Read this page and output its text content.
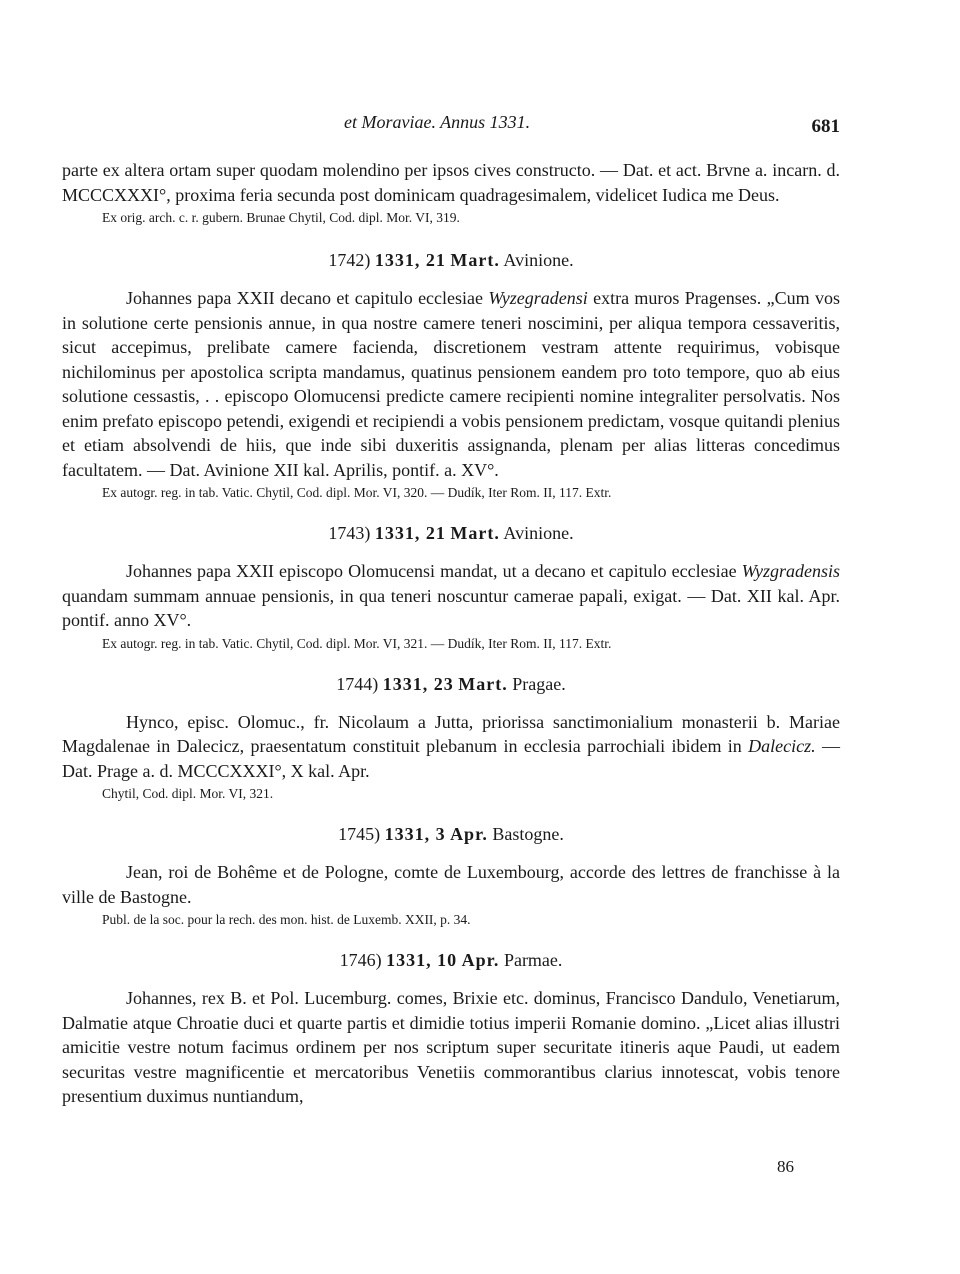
et Moraviae. Annus 1331.	681

parte ex altera ortam super quodam molendino per ipsos cives constructo. — Dat. et act. Brvne a. incarn. d. MCCCXXXI°, proxima feria secunda post dominicam quadragesimalem, videlicet Iudica me Deus.

Ex orig. arch. c. r. gubern. Brunae Chytil, Cod. dipl. Mor. VI, 319.

1742) 1331, 21 Mart. Avinione.

Johannes papa XXII decano et capitulo ecclesiae Wyzegradensi extra muros Pragenses. „Cum vos in solutione certe pensionis annue, in qua nostre camere teneri noscimini, per aliqua tempora cessaveritis, sicut accepimus, prelibate camere facienda, discretionem vestram attente requirimus, vobisque nichilominus per apostolica scripta mandamus, quatinus pensionem eandem pro toto tempore, quo ab eius solutione cessastis, . . episcopo Olomucensi predicte camere recipienti nomine integraliter persolvatis. Nos enim prefato episcopo petendi, exigendi et recipiendi a vobis pensionem predictam, vosque quitandi plenius et etiam absolvendi de hiis, que inde sibi duxeritis assignanda, plenam per alias litteras concedimus facultatem. — Dat. Avinione XII kal. Aprilis, pontif. a. XV°.

Ex autogr. reg. in tab. Vatic. Chytil, Cod. dipl. Mor. VI, 320. — Dudík, Iter Rom. II, 117. Extr.

1743) 1331, 21 Mart. Avinione.

Johannes papa XXII episcopo Olomucensi mandat, ut a decano et capitulo ecclesiae Wyzgradensis quandam summam annuae pensionis, in qua teneri noscuntur camerae papali, exigat. — Dat. XII kal. Apr. pontif. anno XV°.

Ex autogr. reg. in tab. Vatic. Chytil, Cod. dipl. Mor. VI, 321. — Dudík, Iter Rom. II, 117. Extr.

1744) 1331, 23 Mart. Pragae.

Hynco, episc. Olomuc., fr. Nicolaum a Jutta, priorissa sanctimonialium monasterii b. Mariae Magdalenae in Dalecicz, praesentatum constituit plebanum in ecclesia parrochiali ibidem in Dalecicz. — Dat. Prage a. d. MCCCXXXI°, X kal. Apr.

Chytil, Cod. dipl. Mor. VI, 321.

1745) 1331, 3 Apr. Bastogne.

Jean, roi de Bohême et de Pologne, comte de Luxembourg, accorde des lettres de franchisse à la ville de Bastogne.

Publ. de la soc. pour la rech. des mon. hist. de Luxemb. XXII, p. 34.

1746) 1331, 10 Apr. Parmae.

Johannes, rex B. et Pol. Lucemburg. comes, Brixie etc. dominus, Francisco Dandulo, Venetiarum, Dalmatie atque Chroatie duci et quarte partis et dimidie totius imperii Romanie domino. „Licet alias illustri amicitie vestre notum facimus ordinem per nos scriptum super securitate itineris aque Paudi, ut eadem securitas vestre magnificentie et mercatoribus Venetiis commorantibus clarius innotescat, vobis tenore presentium duximus nuntiandum,

86
